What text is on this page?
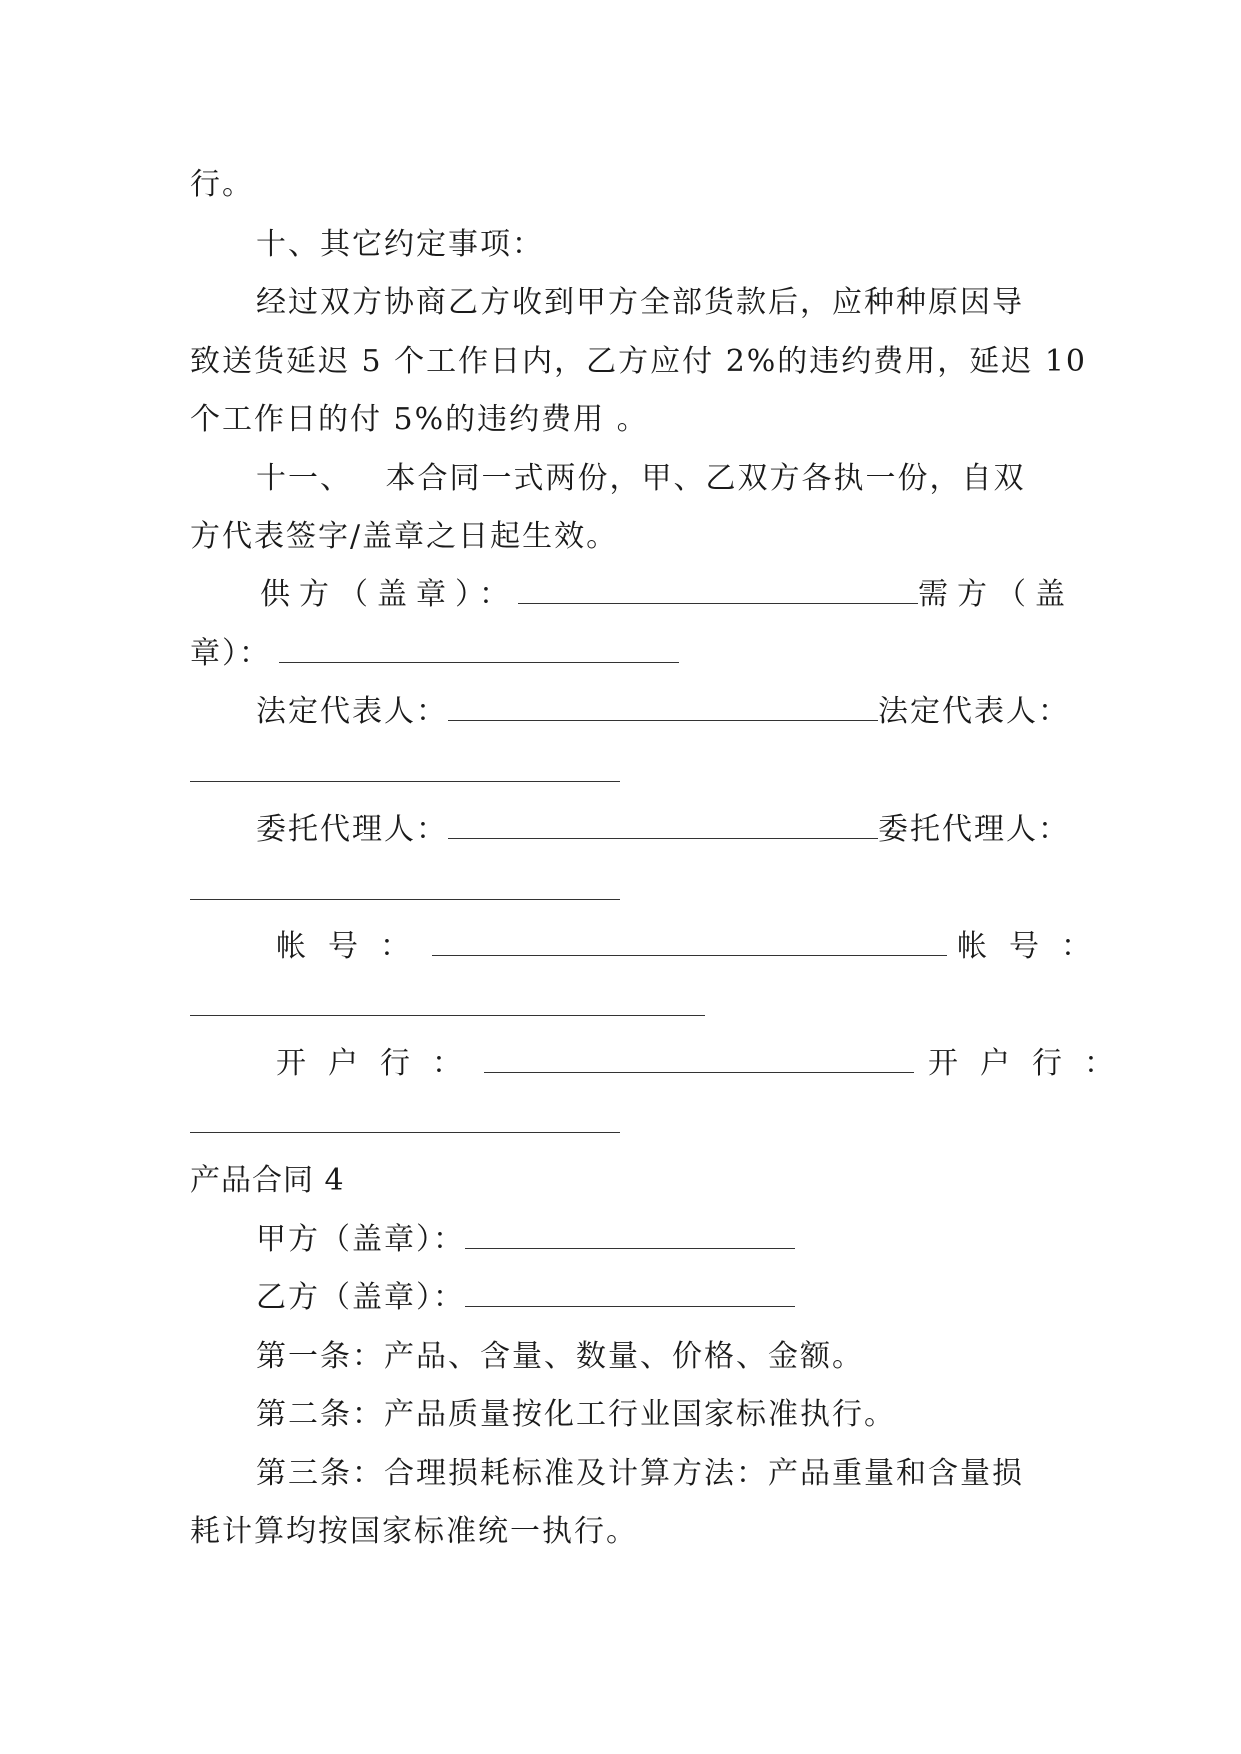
行。
十、其它约定事项：
经过双方协商乙方收到甲方全部货款后，应种种原因导
致送货延迟 5 个工作日内，乙方应付 2%的违约费用，延迟 10
个工作日的付 5%的违约费用 。
十一、 本合同一式两份，甲、乙双方各执一份，自双
方代表签字/盖章之日起生效。
供方（盖章）：	需方（盖
章）：
法定代表人：	法定代表人：
委托代理人：	委托代理人：
帐号：	帐号：
开户行：	开户行：
产品合同 4
甲方（盖章）：
乙方（盖章）：
第一条：产品、含量、数量、价格、金额。
第二条：产品质量按化工行业国家标准执行。
第三条：合理损耗标准及计算方法：产品重量和含量损
耗计算均按国家标准统一执行。
